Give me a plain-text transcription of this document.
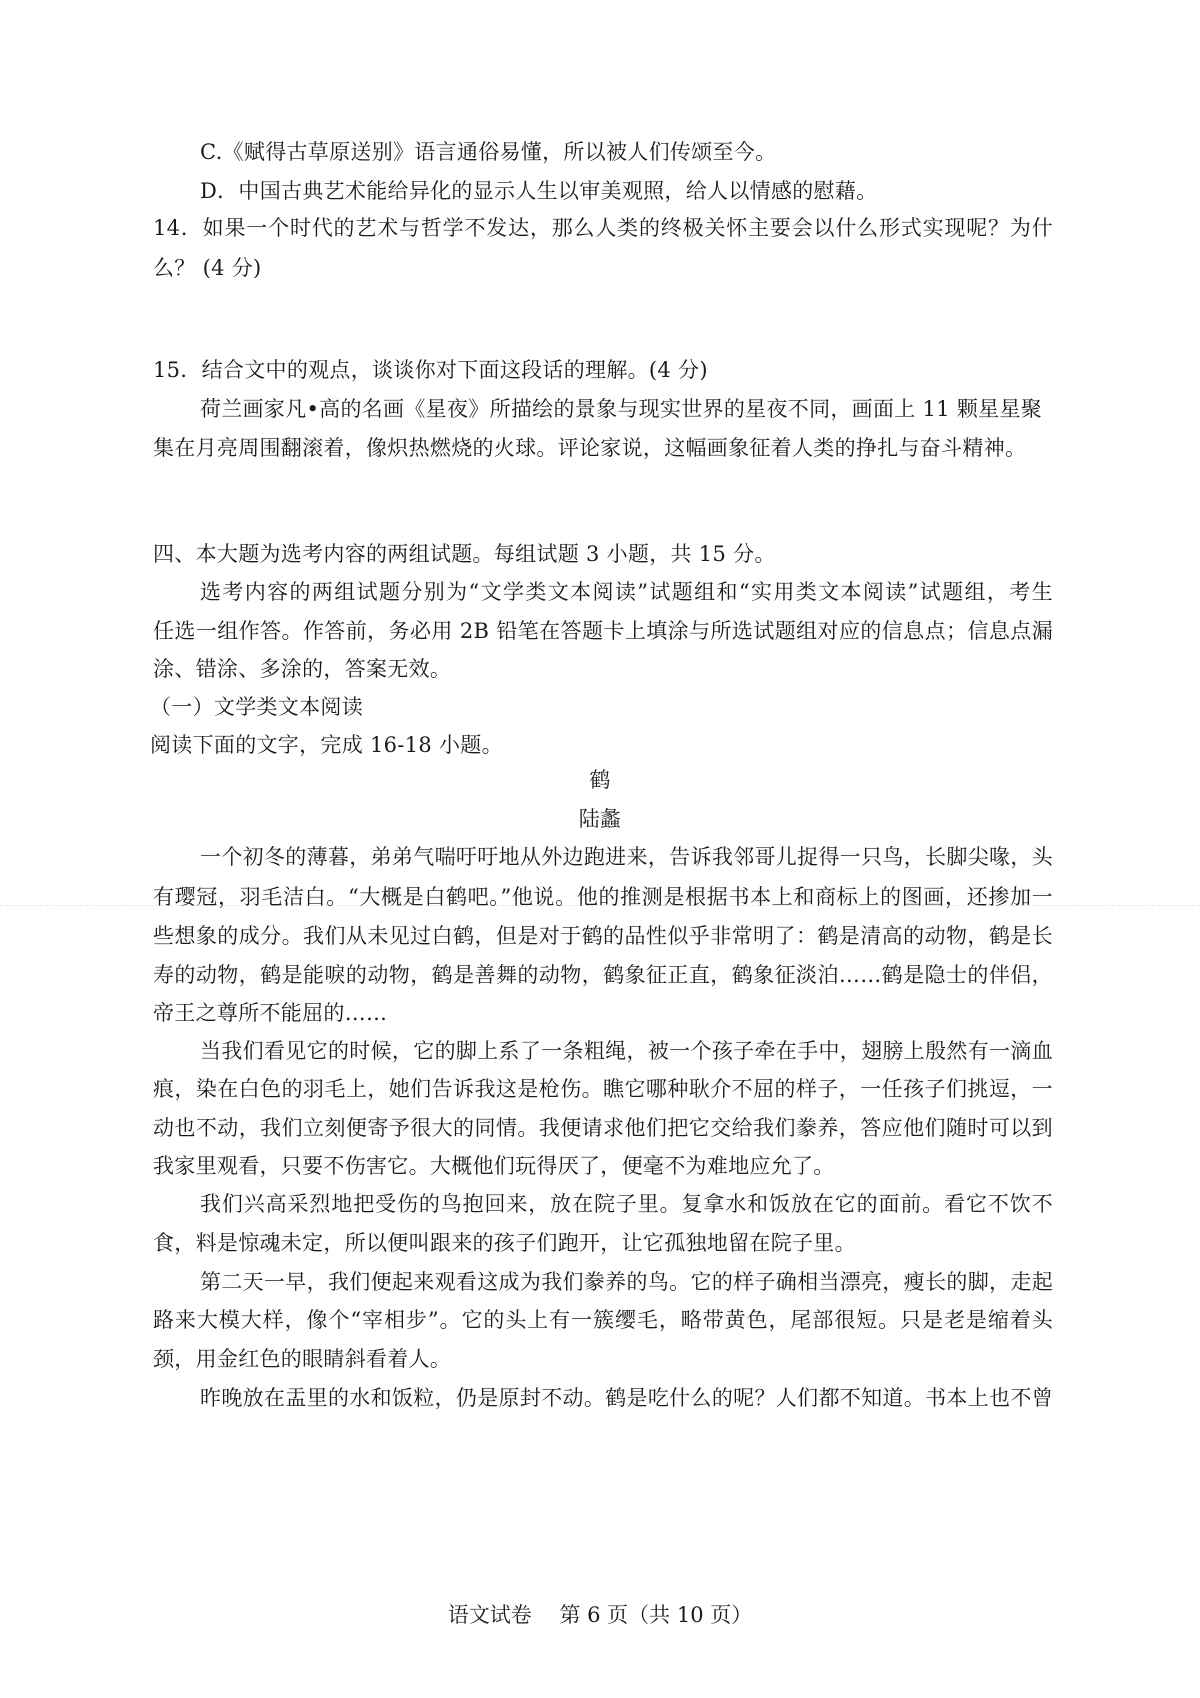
C.《赋得古草原送别》语言通俗易懂，所以被人们传颂至今。
D．中国古典艺术能给异化的显示人生以审美观照，给人以情感的慰藉。
14．如果一个时代的艺术与哲学不发达，那么人类的终极关怀主要会以什么形式实现呢？为什
么？ (4 分)
15．结合文中的观点，谈谈你对下面这段话的理解。(4 分)
荷兰画家凡•高的名画《星夜》所描绘的景象与现实世界的星夜不同，画面上 11 颗星星聚
集在月亮周围翻滚着，像炽热燃烧的火球。评论家说，这幅画象征着人类的挣扎与奋斗精神。
四、本大题为选考内容的两组试题。每组试题 3 小题，共 15 分。
选考内容的两组试题分别为“文学类文本阅读”试题组和“实用类文本阅读”试题组，考生
任选一组作答。作答前，务必用 2B 铅笔在答题卡上填涂与所选试题组对应的信息点；信息点漏
涂、错涂、多涂的，答案无效。
（一）文学类文本阅读
阅读下面的文字，完成 16-18 小题。
鹤
陆蠡
一个初冬的薄暮，弟弟气喘吁吁地从外边跑进来，告诉我邻哥儿捉得一只鸟，长脚尖喙，头
有璎冠，羽毛洁白。“大概是白鹤吧。”他说。他的推测是根据书本上和商标上的图画，还掺加一
些想象的成分。我们从未见过白鹤，但是对于鹤的品性似乎非常明了：鹤是清高的动物，鹤是长
寿的动物，鹤是能唳的动物，鹤是善舞的动物，鹤象征正直，鹤象征淡泊……鹤是隐士的伴侣，
帝王之尊所不能屈的……
当我们看见它的时候，它的脚上系了一条粗绳，被一个孩子牵在手中，翅膀上殷然有一滴血
痕，染在白色的羽毛上，她们告诉我这是枪伤。瞧它哪种耿介不屈的样子，一任孩子们挑逗，一
动也不动，我们立刻便寄予很大的同情。我便请求他们把它交给我们豢养，答应他们随时可以到
我家里观看，只要不伤害它。大概他们玩得厌了，便毫不为难地应允了。
我们兴高采烈地把受伤的鸟抱回来，放在院子里。复拿水和饭放在它的面前。看它不饮不
食，料是惊魂未定，所以便叫跟来的孩子们跑开，让它孤独地留在院子里。
第二天一早，我们便起来观看这成为我们豢养的鸟。它的样子确相当漂亮，瘦长的脚，走起
路来大模大样，像个“宰相步”。它的头上有一簇缨毛，略带黄色，尾部很短。只是老是缩着头
颈，用金红色的眼睛斜看着人。
昨晚放在盂里的水和饭粒，仍是原封不动。鹤是吃什么的呢？人们都不知道。书本上也不曾
语文试卷　 第 6 页（共 10 页）
